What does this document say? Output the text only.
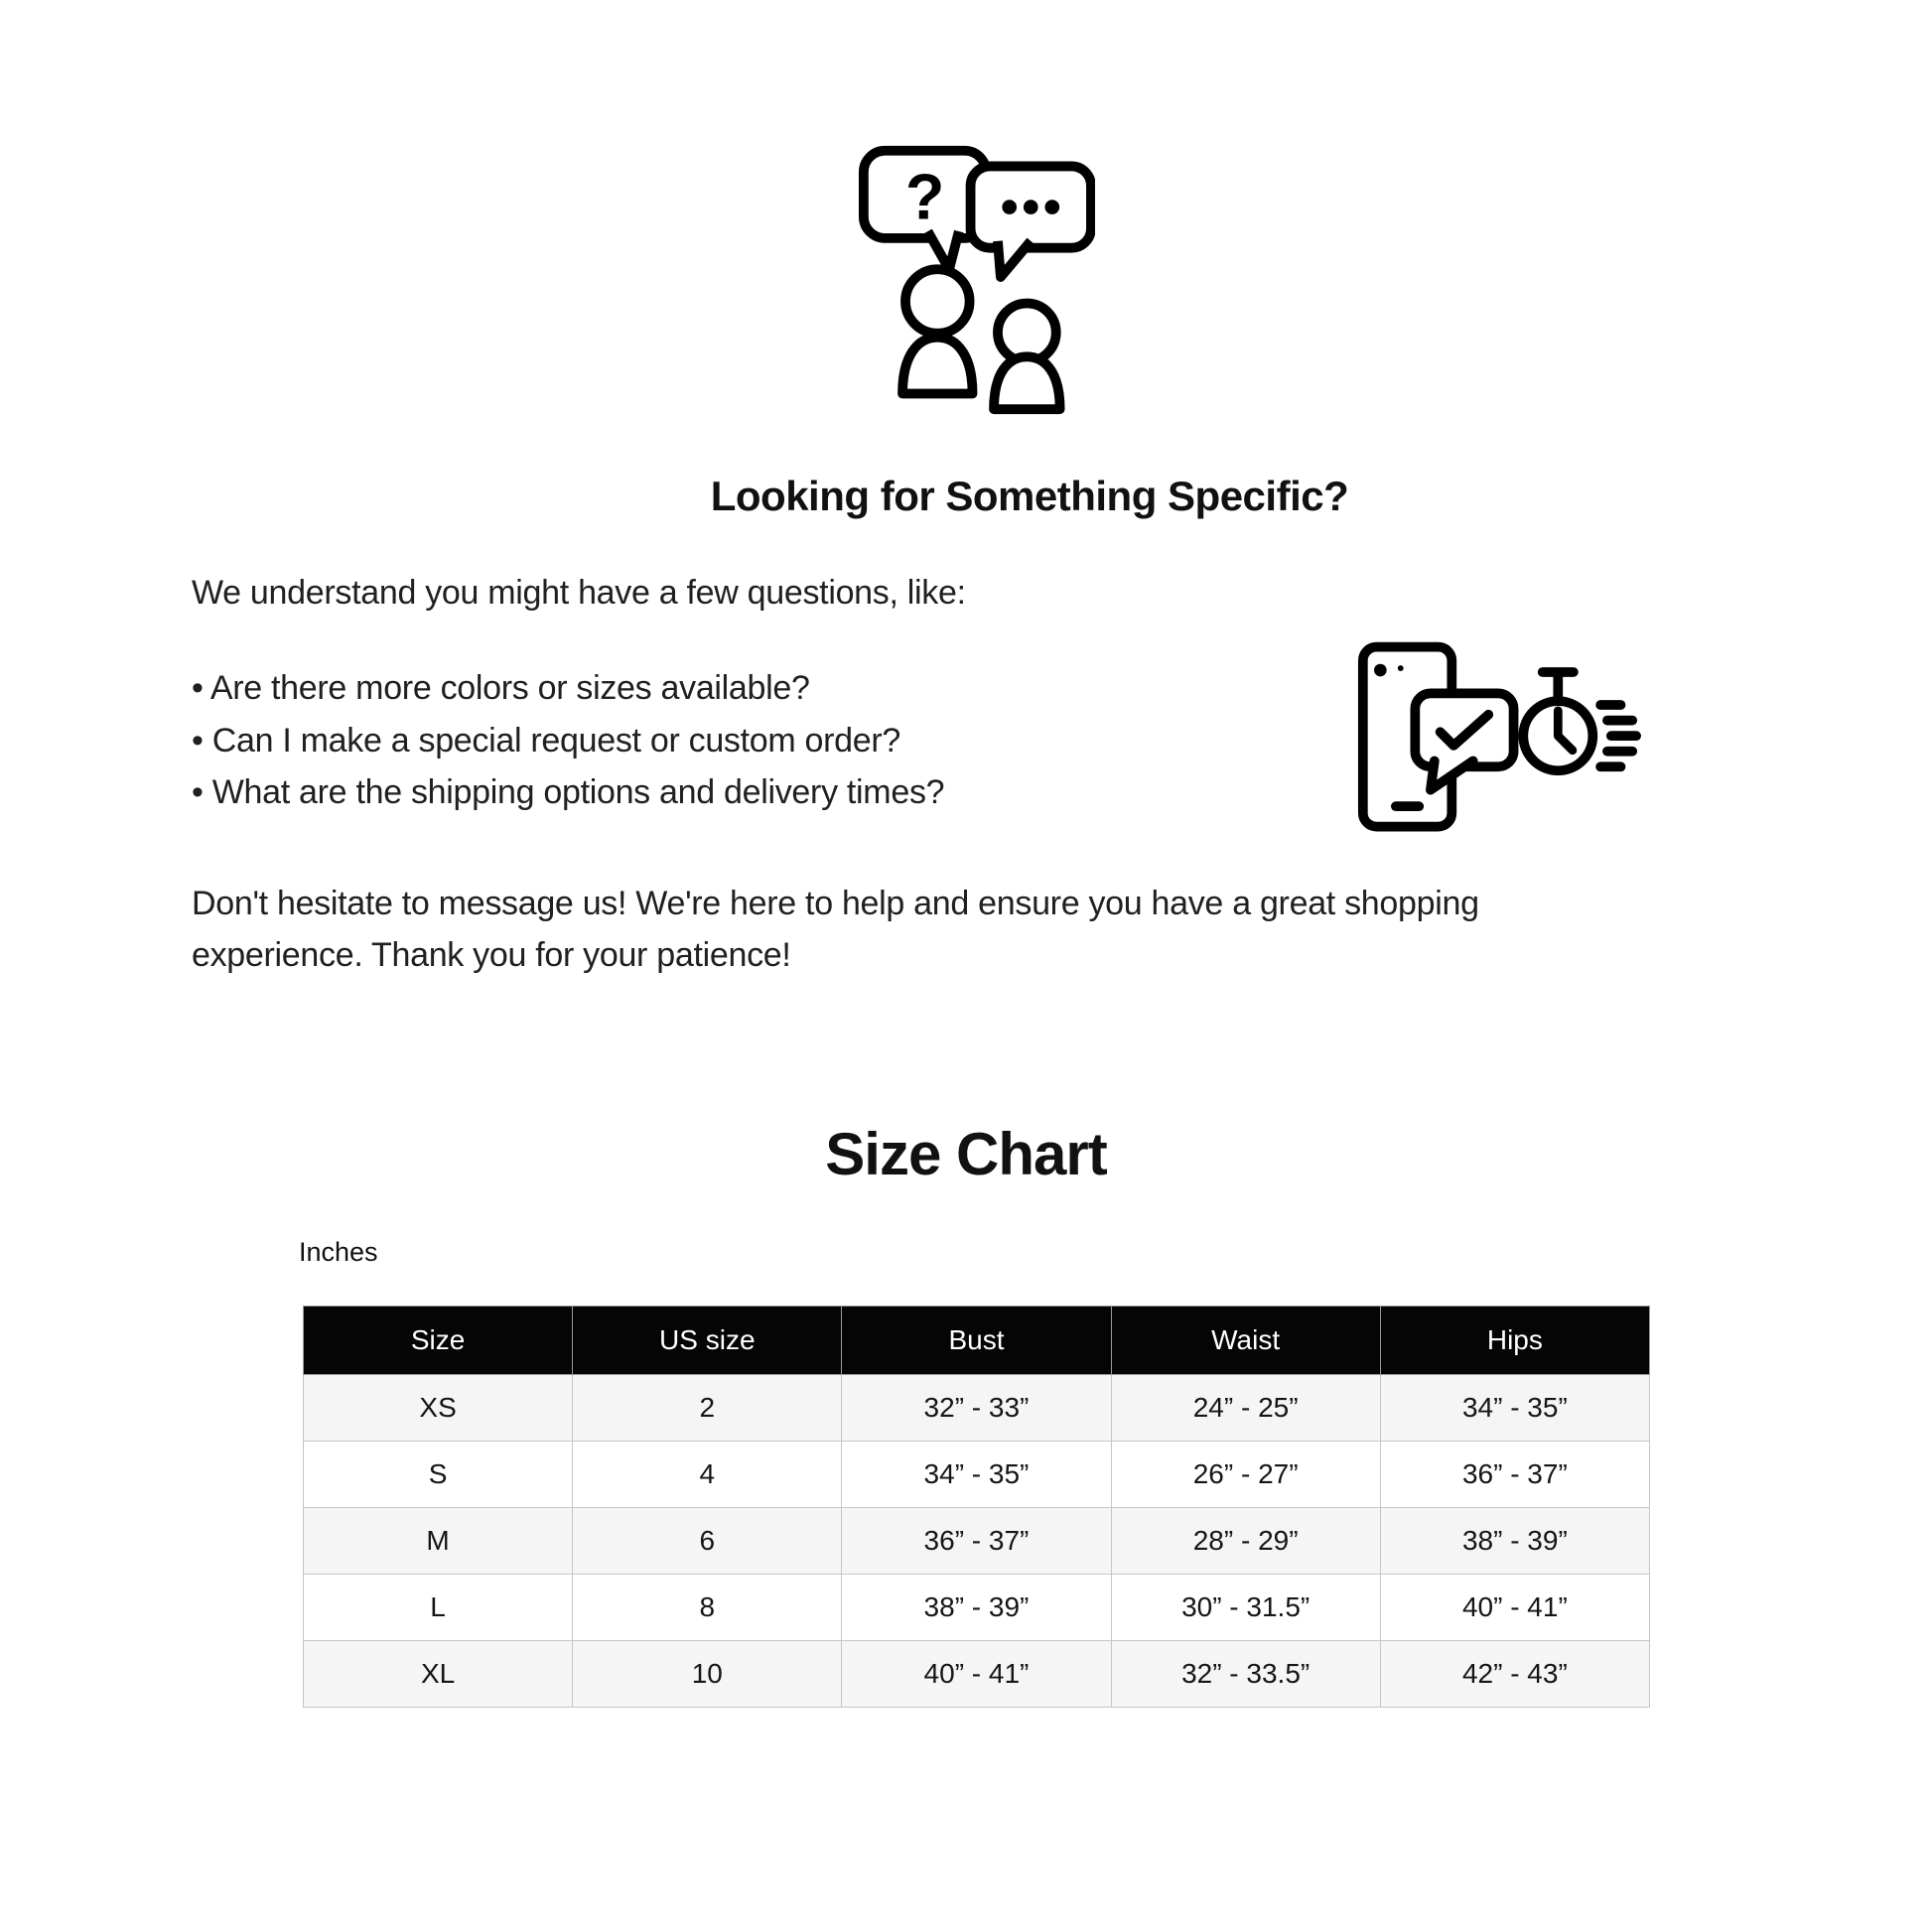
?
Looking for Something Specific?

We understand you might have a few questions, like:

• Are there more colors or sizes available?
• Can I make a special request or custom order?
• What are the shipping options and delivery times?
Don't hesitate to message us! We're here to help and ensure you have a great shopping
experience. Thank you for your patience!
Size Chart
Inches
Size	US size	Bust	Waist	Hips
XS	2	32” - 33”	24” - 25”	34” - 35”
S	4	34” - 35”	26” - 27”	36” - 37”
M	6	36” - 37”	28” - 29”	38” - 39”
L	8	38” - 39”	30” - 31.5”	40” - 41”
XL	10	40” - 41”	32” - 33.5”	42” - 43”
